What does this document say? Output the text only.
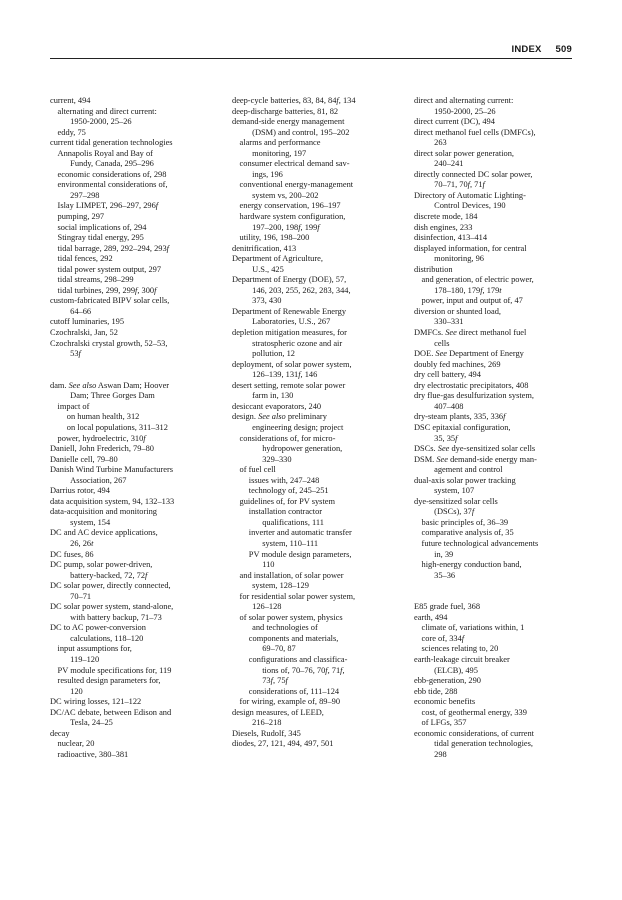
INDEX 509
current, 494
alternating and direct current:
1950-2000, 25–26
eddy, 75
current tidal generation technologies
Annapolis Royal and Bay of
Fundy, Canada, 295–296
economic considerations of, 298
environmental considerations of,
297–298
Islay LIMPET, 296–297, 296f
pumping, 297
social implications of, 294
Stingray tidal energy, 295
tidal barrage, 289, 292–294, 293f
tidal fences, 292
tidal power system output, 297
tidal streams, 298–299
tidal turbines, 299, 299f, 300f
custom-fabricated BIPV solar cells,
64–66
cutoff luminaries, 195
Czochralski, Jan, 52
Czochralski crystal growth, 52–53,
53f
dam. See also Aswan Dam; Hoover
Dam; Three Gorges Dam
impact of
on human health, 312
on local populations, 311–312
power, hydroelectric, 310f
Daniell, John Frederich, 79–80
Danielle cell, 79–80
Danish Wind Turbine Manufacturers
Association, 267
Darrius rotor, 494
data acquisition system, 94, 132–133
data-acquisition and monitoring
system, 154
DC and AC device applications,
26, 26t
DC fuses, 86
DC pump, solar power-driven,
battery-backed, 72, 72f
DC solar power, directly connected,
70–71
DC solar power system, stand-alone,
with battery backup, 71–73
DC to AC power-conversion
calculations, 118–120
input assumptions for,
119–120
PV module specifications for, 119
resulted design parameters for,
120
DC wiring losses, 121–122
DC/AC debate, between Edison and
Tesla, 24–25
decay
nuclear, 20
radioactive, 380–381
deep-cycle batteries, 83, 84, 84f, 134
deep-discharge batteries, 81, 82
demand-side energy management
(DSM) and control, 195–202
alarms and performance
monitoring, 197
consumer electrical demand sav-
ings, 196
conventional energy-management
system vs, 200–202
energy conservation, 196–197
hardware system configuration,
197–200, 198f, 199f
utility, 196, 198–200
denitrification, 413
Department of Agriculture,
U.S., 425
Department of Energy (DOE), 57,
146, 203, 255, 262, 283, 344,
373, 430
Department of Renewable Energy
Laboratories, U.S., 267
depletion mitigation measures, for
stratospheric ozone and air
pollution, 12
deployment, of solar power system,
126–139, 131f, 146
desert setting, remote solar power
farm in, 130
desiccant evaporators, 240
design. See also preliminary
engineering design; project
considerations of, for micro-
hydropower generation,
329–330
of fuel cell
issues with, 247–248
technology of, 245–251
guidelines of, for PV system
installation contractor
qualifications, 111
inverter and automatic transfer
system, 110–111
PV module design parameters,
110
and installation, of solar power
system, 128–129
for residential solar power system,
126–128
of solar power system, physics
and technologies of
components and materials,
69–70, 87
configurations and classifica-
tions of, 70–76, 70f, 71f,
73f, 75f
considerations of, 111–124
for wiring, example of, 89–90
design measures, of LEED,
216–218
Diesels, Rudolf, 345
diodes, 27, 121, 494, 497, 501
direct and alternating current:
1950-2000, 25–26
direct current (DC), 494
direct methanol fuel cells (DMFCs),
263
direct solar power generation,
240–241
directly connected DC solar power,
70–71, 70f, 71f
Directory of Automatic Lighting-
Control Devices, 190
discrete mode, 184
dish engines, 233
disinfection, 413–414
displayed information, for central
monitoring, 96
distribution
and generation, of electric power,
178–180, 179f, 179t
power, input and output of, 47
diversion or shunted load,
330–331
DMFCs. See direct methanol fuel
cells
DOE. See Department of Energy
doubly fed machines, 269
dry cell battery, 494
dry electrostatic precipitators, 408
dry flue-gas desulfurization system,
407–408
dry-steam plants, 335, 336f
DSC epitaxial configuration,
35, 35f
DSCs. See dye-sensitized solar cells
DSM. See demand-side energy man-
agement and control
dual-axis solar power tracking
system, 107
dye-sensitized solar cells
(DSCs), 37f
basic principles of, 36–39
comparative analysis of, 35
future technological advancements
in, 39
high-energy conduction band,
35–36
E85 grade fuel, 368
earth, 494
climate of, variations within, 1
core of, 334f
sciences relating to, 20
earth-leakage circuit breaker
(ELCB), 495
ebb-generation, 290
ebb tide, 288
economic benefits
cost, of geothermal energy, 339
of LFGs, 357
economic considerations, of current
tidal generation technologies,
298
